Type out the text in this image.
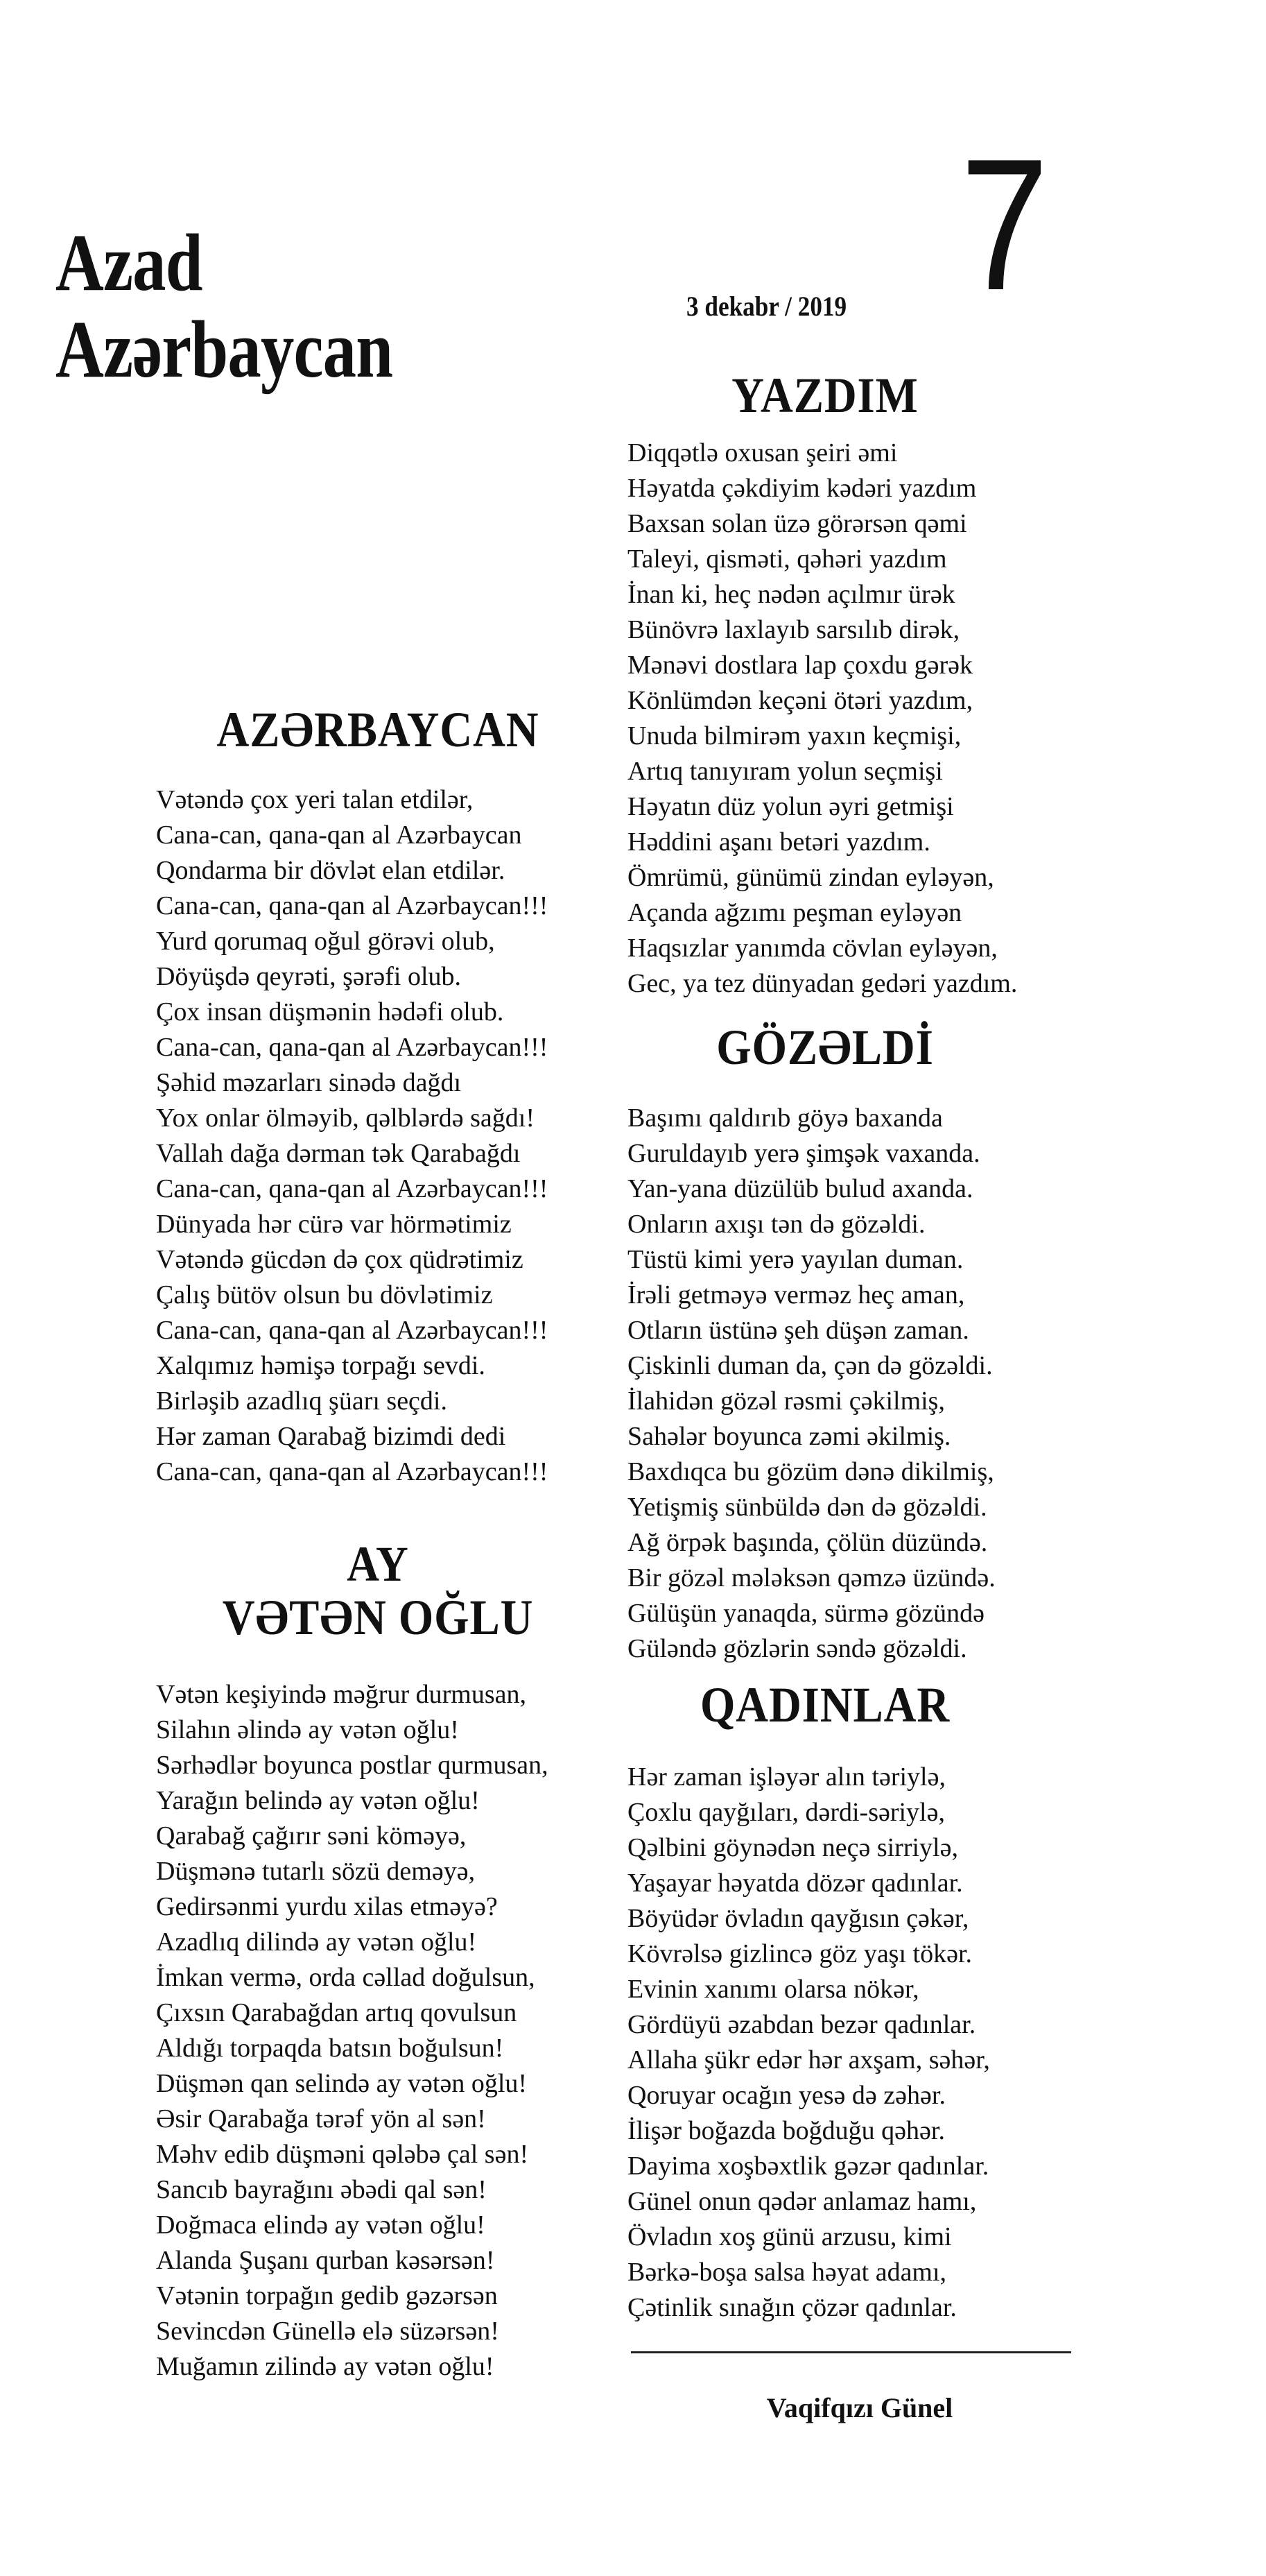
Azad
Azərbaycan
7
3 dekabr / 2019
YAZDIM
Diqqətlə oxusan şeiri əmi
Həyatda çəkdiyim kədəri yazdım
Baxsan solan üzə görərsən qəmi
Taleyi, qisməti, qəhəri yazdım
İnan ki, heç nədən açılmır ürək
Bünövrə laxlayıb sarsılıb dirək,
Mənəvi dostlara lap çoxdu gərək
Könlümdən keçəni ötəri yazdım,
Unuda bilmirəm yaxın keçmişi,
Artıq tanıyıram yolun seçmişi
Həyatın düz yolun əyri getmişi
Həddini aşanı betəri yazdım.
Ömrümü, günümü zindan eyləyən,
Açanda ağzımı peşman eyləyən
Haqsızlar yanımda cövlan eyləyən,
Gec, ya tez dünyadan gedəri yazdım.
GÖZƏLDİ
Başımı qaldırıb göyə baxanda
Guruldayıb yerə şimşək vaxanda.
Yan-yana düzülüb bulud axanda.
Onların axışı tən də gözəldi.
Tüstü kimi yerə yayılan duman.
İrəli getməyə verməz heç aman,
Otların üstünə şeh düşən zaman.
Çiskinli duman da, çən də gözəldi.
İlahidən gözəl rəsmi çəkilmiş,
Sahələr boyunca zəmi əkilmiş.
Baxdıqca bu gözüm dənə dikilmiş,
Yetişmiş sünbüldə dən də gözəldi.
Ağ örpək başında, çölün düzündə.
Bir gözəl mələksən qəmzə üzündə.
Gülüşün yanaqda, sürmə gözündə
Güləndə gözlərin səndə gözəldi.
QADINLAR
Hər zaman işləyər alın təriylə,
Çoxlu qayğıları, dərdi-səriylə,
Qəlbini göynədən neçə sirriylə,
Yaşayar həyatda dözər qadınlar.
Böyüdər övladın qayğısın çəkər,
Kövrəlsə gizlincə göz yaşı tökər.
Evinin xanımı olarsa nökər,
Gördüyü əzabdan bezər qadınlar.
Allaha şükr edər hər axşam, səhər,
Qoruyar ocağın yesə də zəhər.
İlişər boğazda boğduğu qəhər.
Dayima xoşbəxtlik gəzər qadınlar.
Günel onun qədər anlamaz hamı,
Övladın xoş günü arzusu, kimi
Bərkə-boşa salsa həyat adamı,
Çətinlik sınağın çözər qadınlar.
Vaqifqızı Günel
AZƏRBAYCAN
Vətəndə çox yeri talan etdilər,
Cana-can, qana-qan al Azərbaycan
Qondarma bir dövlət elan etdilər.
Cana-can, qana-qan al Azərbaycan!!!
Yurd qorumaq oğul görəvi olub,
Döyüşdə qeyrəti, şərəfi olub.
Çox insan düşmənin hədəfi olub.
Cana-can, qana-qan al Azərbaycan!!!
Şəhid məzarları sinədə dağdı
Yox onlar ölməyib, qəlblərdə sağdı!
Vallah dağa dərman tək Qarabağdı
Cana-can, qana-qan al Azərbaycan!!!
Dünyada hər cürə var hörmətimiz
Vətəndə gücdən də çox qüdrətimiz
Çalış bütöv olsun bu dövlətimiz
Cana-can, qana-qan al Azərbaycan!!!
Xalqımız həmişə torpağı sevdi.
Birləşib azadlıq şüarı seçdi.
Hər zaman Qarabağ bizimdi dedi
Cana-can, qana-qan al Azərbaycan!!!
AY
VƏTƏN OĞLU
Vətən keşiyində məğrur durmusan,
Silahın əlində ay vətən oğlu!
Sərhədlər boyunca postlar qurmusan,
Yarağın belində ay vətən oğlu!
Qarabağ çağırır səni köməyə,
Düşmənə tutarlı sözü deməyə,
Gedirsənmi yurdu xilas etməyə?
Azadlıq dilində ay vətən oğlu!
İmkan vermə, orda cəllad doğulsun,
Çıxsın Qarabağdan artıq qovulsun
Aldığı torpaqda batsın boğulsun!
Düşmən qan selində ay vətən oğlu!
Əsir Qarabağa tərəf yön al sən!
Məhv edib düşməni qələbə çal sən!
Sancıb bayrağını əbədi qal sən!
Doğmaca elində ay vətən oğlu!
Alanda Şuşanı qurban kəsərsən!
Vətənin torpağın gedib gəzərsən
Sevincdən Günellə elə süzərsən!
Muğamın zilində ay vətən oğlu!
